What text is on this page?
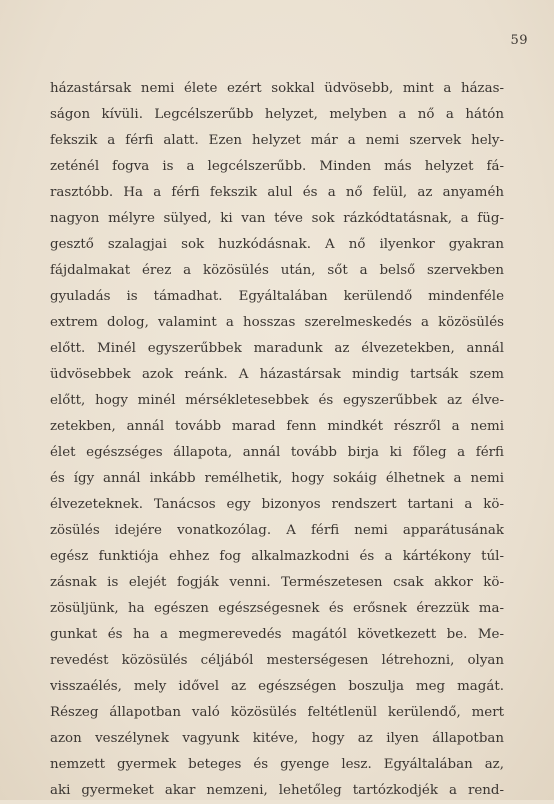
59
házastársak nemi élete ezért sokkal üdvösebb, mint a házas-
ságon kívüli. Legcélszerűbb helyzet, melyben a nő a hátón
fekszik a férfi alatt. Ezen helyzet már a nemi szervek hely-
zeténél fogva is a legcélszerűbb. Minden más helyzet fá-
rasztóbb. Ha a férfi fekszik alul és a nő felül, az anyaméh
nagyon mélyre sülyed, ki van téve sok rázkódtatásnak, a füg-
gesztő szalagjai sok huzkódásnak. A nő ilyenkor gyakran
fájdalmakat érez a közösülés után, sőt a belső szervekben
gyuladás is támadhat. Egyáltalában kerülendő mindenféle
extrem dolog, valamint a hosszas szerelmeskedés a közösülés
előtt. Minél egyszerűbbek maradunk az élvezetekben, annál
üdvösebbek azok reánk. A házastársak mindig tartsák szem
előtt, hogy minél mérsékletesebbek és egyszerűbbek az élve-
zetekben, annál tovább marad fenn mindkét részről a nemi
élet egészséges állapota, annál tovább birja ki főleg a férfi
és így annál inkább remélhetik, hogy sokáig élhetnek a nemi
élvezeteknek. Tanácsos egy bizonyos rendszert tartani a kö-
zösülés idejére vonatkozólag. A férfi nemi apparátusának
egész funktiója ehhez fog alkalmazkodni és a kártékony túl-
zásnak is elejét fogják venni. Természetesen csak akkor kö-
zösüljünk, ha egészen egészségesnek és erősnek érezzük ma-
gunkat és ha a megmerevedés magától következett be. Me-
revedést közösülés céljából mesterségesen létrehozni, olyan
visszaélés, mely idővel az egészségen boszulja meg magát.
Részeg állapotban való közösülés feltétlenül kerülendő, mert
azon veszélynek vagyunk kitéve, hogy az ilyen állapotban
nemzett gyermek beteges és gyenge lesz. Egyáltalában az,
aki gyermeket akar nemzeni, lehetőleg tartózkodjék a rend-
